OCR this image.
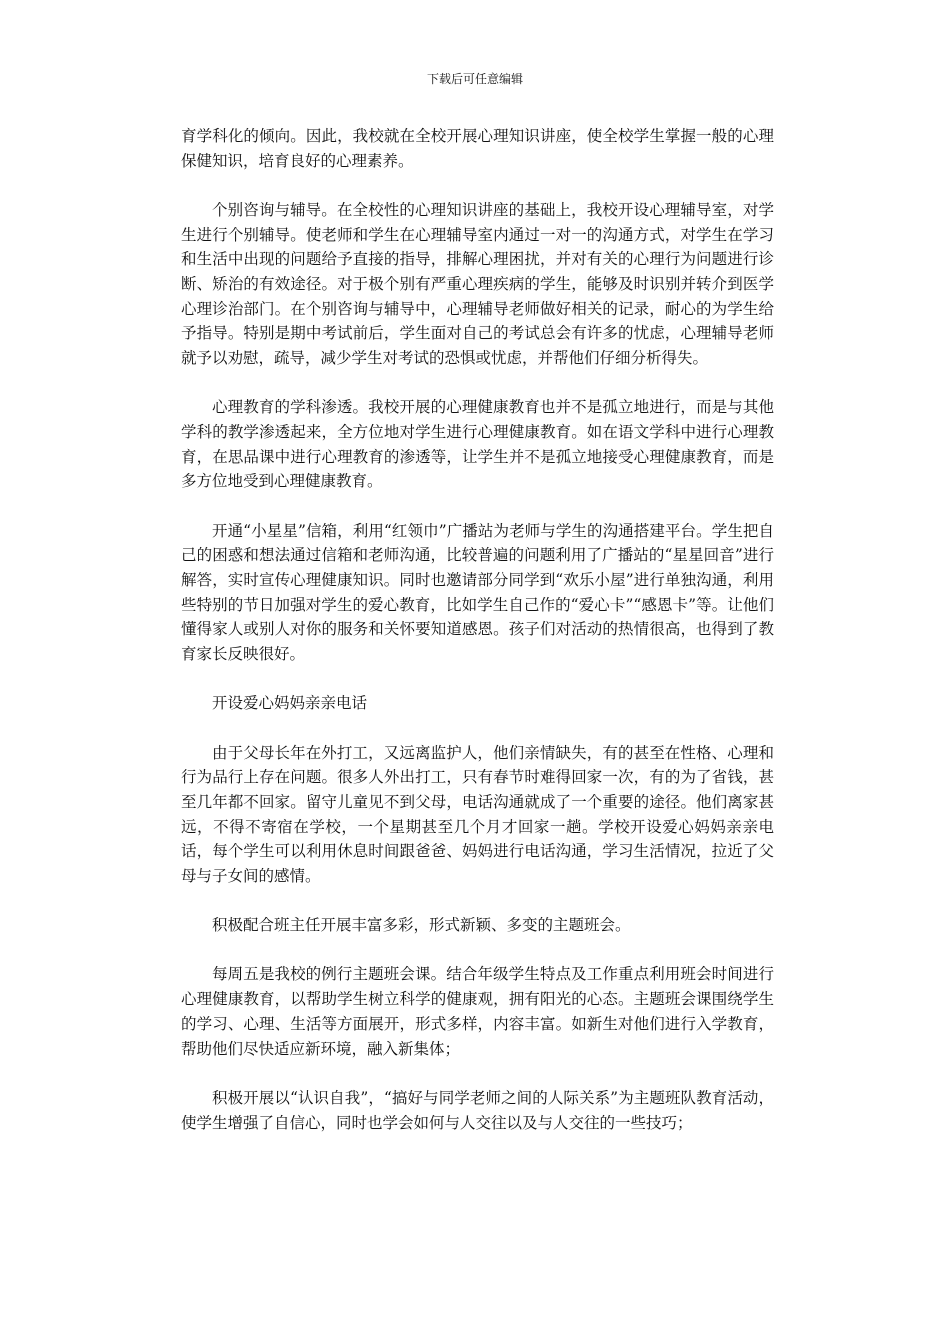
下载后可任意编辑

育学科化的倾向。因此，我校就在全校开展心理知识讲座，使全校学生掌握一般的心理保健知识，培育良好的心理素养。

个别咨询与辅导。在全校性的心理知识讲座的基础上，我校开设心理辅导室，对学生进行个别辅导。使老师和学生在心理辅导室内通过一对一的沟通方式，对学生在学习和生活中出现的问题给予直接的指导，排解心理困扰，并对有关的心理行为问题进行诊断、矫治的有效途径。对于极个别有严重心理疾病的学生，能够及时识别并转介到医学心理诊治部门。在个别咨询与辅导中，心理辅导老师做好相关的记录，耐心的为学生给予指导。特别是期中考试前后，学生面对自己的考试总会有许多的忧虑，心理辅导老师就予以劝慰，疏导，减少学生对考试的恐惧或忧虑，并帮他们仔细分析得失。

心理教育的学科渗透。我校开展的心理健康教育也并不是孤立地进行，而是与其他学科的教学渗透起来，全方位地对学生进行心理健康教育。如在语文学科中进行心理教育，在思品课中进行心理教育的渗透等，让学生并不是孤立地接受心理健康教育，而是多方位地受到心理健康教育。

开通“小星星”信箱，利用“红领巾”广播站为老师与学生的沟通搭建平台。学生把自己的困惑和想法通过信箱和老师沟通，比较普遍的问题利用了广播站的“星星回音”进行解答，实时宣传心理健康知识。同时也邀请部分同学到“欢乐小屋”进行单独沟通，利用些特别的节日加强对学生的爱心教育，比如学生自己作的“爱心卡”“感恩卡”等。让他们懂得家人或别人对你的服务和关怀要知道感恩。孩子们对活动的热情很高，也得到了教育家长反映很好。

开设爱心妈妈亲亲电话

由于父母长年在外打工，又远离监护人，他们亲情缺失，有的甚至在性格、心理和行为品行上存在问题。很多人外出打工，只有春节时难得回家一次，有的为了省钱，甚至几年都不回家。留守儿童见不到父母，电话沟通就成了一个重要的途径。他们离家甚远，不得不寄宿在学校，一个星期甚至几个月才回家一趟。学校开设爱心妈妈亲亲电话，每个学生可以利用休息时间跟爸爸、妈妈进行电话沟通，学习生活情况，拉近了父母与子女间的感情。

积极配合班主任开展丰富多彩，形式新颖、多变的主题班会。

每周五是我校的例行主题班会课。结合年级学生特点及工作重点利用班会时间进行心理健康教育，以帮助学生树立科学的健康观，拥有阳光的心态。主题班会课围绕学生的学习、心理、生活等方面展开，形式多样，内容丰富。如新生对他们进行入学教育，帮助他们尽快适应新环境，融入新集体；

积极开展以“认识自我”，“搞好与同学老师之间的人际关系”为主题班队教育活动，使学生增强了自信心，同时也学会如何与人交往以及与人交往的一些技巧；
